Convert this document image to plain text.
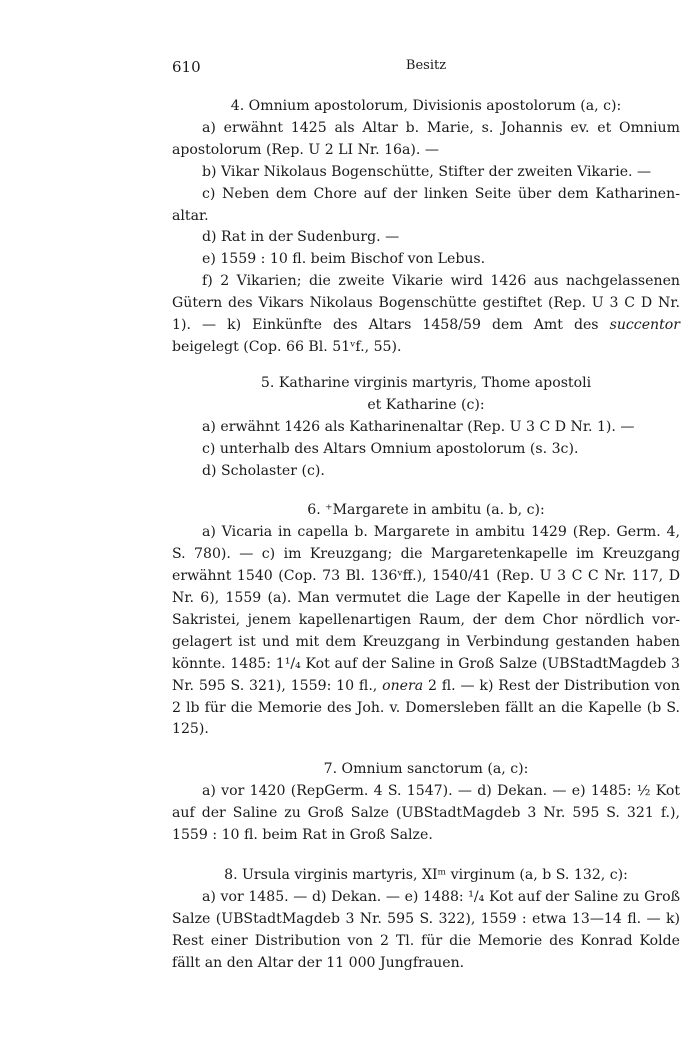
610	Besitz
4. Omnium apostolorum, Divisionis apostolorum (a, c):
a) erwähnt 1425 als Altar b. Marie, s. Johannis ev. et Omnium apostolorum (Rep. U 2 LI Nr. 16a). —
b) Vikar Nikolaus Bogenschütte, Stifter der zweiten Vikarie. —
c) Neben dem Chore auf der linken Seite über dem Katharinen-altar.
d) Rat in der Sudenburg. —
e) 1559 : 10 fl. beim Bischof von Lebus.
f) 2 Vikarien; die zweite Vikarie wird 1426 aus nachgelassenen Gütern des Vikars Nikolaus Bogenschütte gestiftet (Rep. U 3 C D Nr. 1). — k) Einkünfte des Altars 1458/59 dem Amt des succentor beigelegt (Cop. 66 Bl. 51ᵛf., 55).
5. Katharine virginis martyris, Thome apostoli
et Katharine (c):
a) erwähnt 1426 als Katharinenaltar (Rep. U 3 C D Nr. 1). —
c) unterhalb des Altars Omnium apostolorum (s. 3c).
d) Scholaster (c).
6. ⁺Margarete in ambitu (a. b, c):
a) Vicaria in capella b. Margarete in ambitu 1429 (Rep. Germ. 4, S. 780). — c) im Kreuzgang; die Margaretenkapelle im Kreuzgang erwähnt 1540 (Cop. 73 Bl. 136ᵛff.), 1540/41 (Rep. U 3 C C Nr. 117, D Nr. 6), 1559 (a). Man vermutet die Lage der Kapelle in der heutigen Sakristei, jenem kapellenartigen Raum, der dem Chor nördlich vor-gelagert ist und mit dem Kreuzgang in Verbindung gestanden haben könnte. 1485: 1¹/₄ Kot auf der Saline in Groß Salze (UBStadtMagdeb 3 Nr. 595 S. 321), 1559: 10 fl., onera 2 fl. — k) Rest der Distribution von 2 lb für die Memorie des Joh. v. Domersleben fällt an die Kapelle (b S. 125).
7. Omnium sanctorum (a, c):
a) vor 1420 (RepGerm. 4 S. 1547). — d) Dekan. — e) 1485: ½ Kot auf der Saline zu Groß Salze (UBStadtMagdeb 3 Nr. 595 S. 321 f.), 1559 : 10 fl. beim Rat in Groß Salze.
8. Ursula virginis martyris, XIᵐ virginum (a, b S. 132, c):
a) vor 1485. — d) Dekan. — e) 1488: ¹/₄ Kot auf der Saline zu Groß Salze (UBStadtMagdeb 3 Nr. 595 S. 322), 1559 : etwa 13—14 fl. — k) Rest einer Distribution von 2 Tl. für die Memorie des Konrad Kolde fällt an den Altar der 11 000 Jungfrauen.
